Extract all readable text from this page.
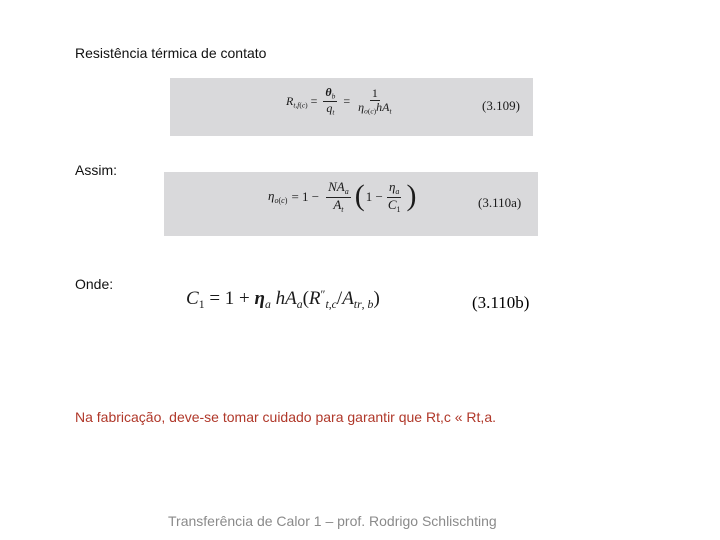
Resistência térmica de contato
$R_{t,f(c)} = \frac{\theta_b}{q_t} = \frac{1}{\eta_{o(c)}hA_t}$	(3.109)
Assim:
$\eta_{o(c)} = 1 - \frac{NA_a}{A_t}$ ( $1 - \frac{\eta_a}{C_1}$ )	(3.110a)
Onde:
$C_1 = 1 + \eta_a$ $hA_a(R''_{t,c}/A_{tr, b})$	(3.110b)
Na fabricação, deve-se tomar cuidado para garantir que Rt,c « Rt,a.
Transferência de Calor 1 – prof. Rodrigo Schlischting
